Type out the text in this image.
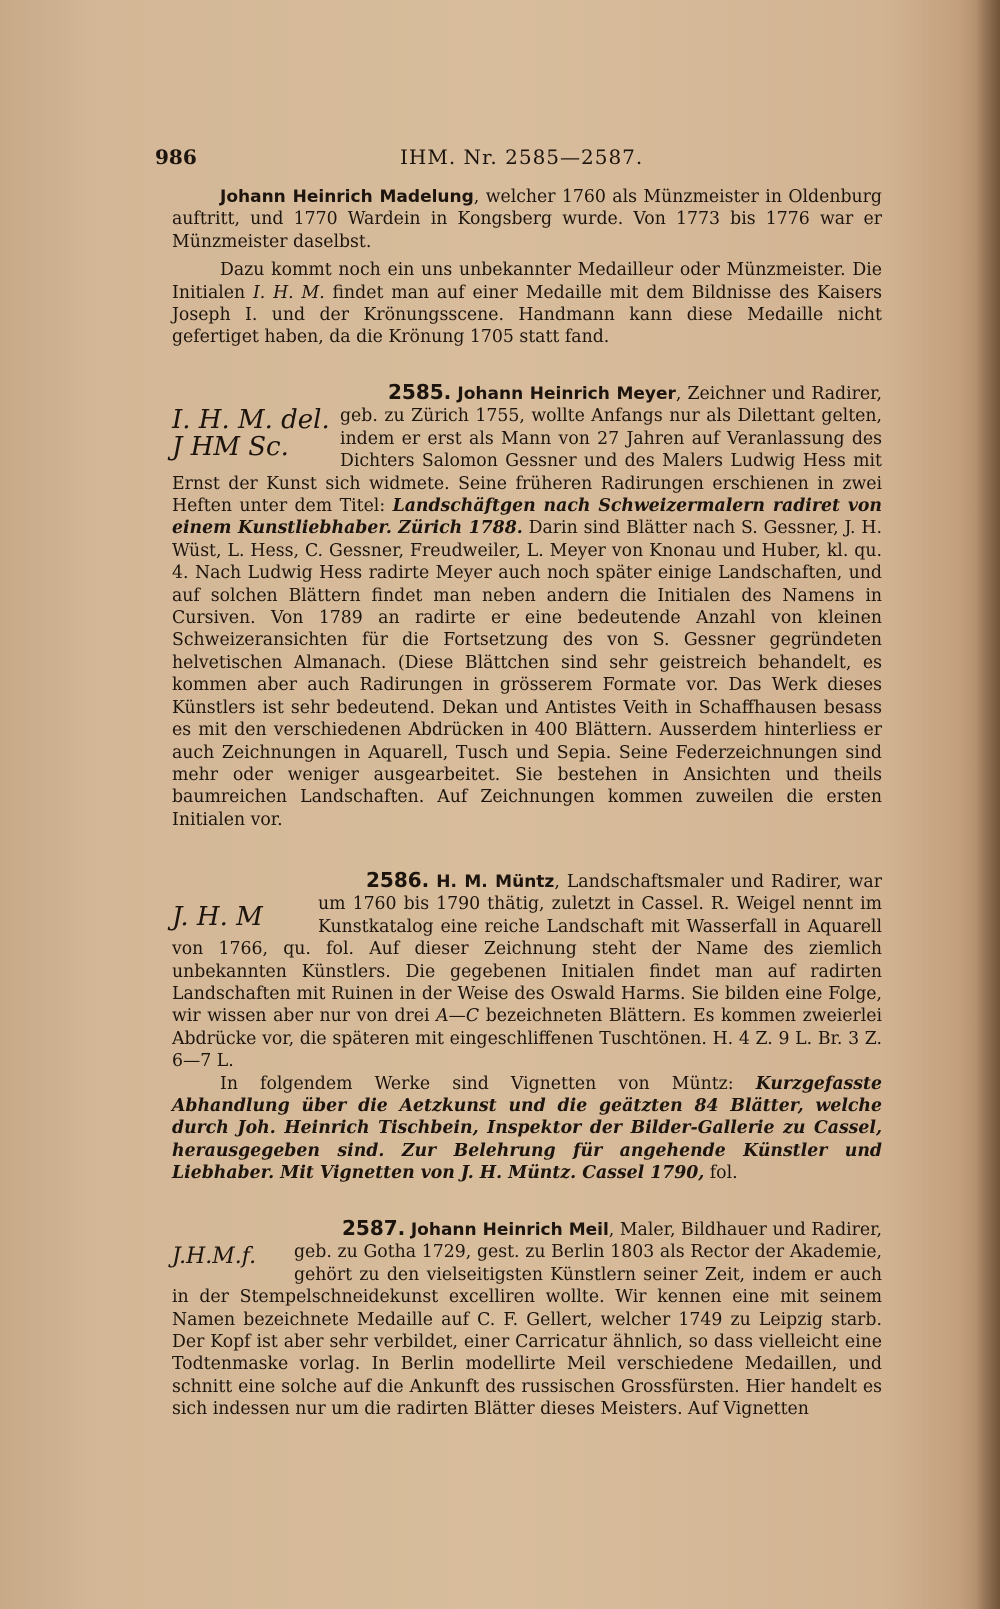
986	IHM. Nr. 2585—2587.

Johann Heinrich Madelung, welcher 1760 als Münzmeister in Oldenburg auftritt, und 1770 Wardein in Kongsberg wurde. Von 1773 bis 1776 war er Münzmeister daselbst.

Dazu kommt noch ein uns unbekannter Medailleur oder Münzmeister. Die Initialen I. H. M. findet man auf einer Medaille mit dem Bildnisse des Kaisers Joseph I. und der Krönungsscene. Handmann kann diese Medaille nicht gefertiget haben, da die Krönung 1705 statt fand.

2585. Johann Heinrich Meyer, Zeichner und Radirer, geb. zu Zürich 1755, wollte Anfangs nur als Dilettant gelten, indem er erst als Mann von 27 Jahren auf Veranlassung des Dichters Salomon Gessner und des Malers Ludwig Hess mit Ernst der Kunst sich widmete. Seine früheren Radirungen erschienen in zwei Heften unter dem Titel: Landschäftgen nach Schweizermalern radiret von einem Kunstliebhaber. Zürich 1788. Darin sind Blätter nach S. Gessner, J. H. Wüst, L. Hess, C. Gessner, Freudweiler, L. Meyer von Knonau und Huber, kl. qu. 4. Nach Ludwig Hess radirte Meyer auch noch später einige Landschaften, und auf solchen Blättern findet man neben andern die Initialen des Namens in Cursiven. Von 1789 an radirte er eine bedeutende Anzahl von kleinen Schweizeransichten für die Fortsetzung des von S. Gessner gegründeten helvetischen Almanach. (Diese Blättchen sind sehr geistreich behandelt, es kommen aber auch Radirungen in grösserem Formate vor. Das Werk dieses Künstlers ist sehr bedeutend. Dekan und Antistes Veith in Schaffhausen besass es mit den verschiedenen Abdrücken in 400 Blättern. Ausserdem hinterliess er auch Zeichnungen in Aquarell, Tusch und Sepia. Seine Federzeichnungen sind mehr oder weniger ausgearbeitet. Sie bestehen in Ansichten und theils baumreichen Landschaften. Auf Zeichnungen kommen zuweilen die ersten Initialen vor.

I. H. M. del.
J HM Sc.

2586. H. M. Müntz, Landschaftsmaler und Radirer, war um 1760 bis 1790 thätig, zuletzt in Cassel. R. Weigel nennt im Kunstkatalog eine reiche Landschaft mit Wasserfall in Aquarell von 1766, qu. fol. Auf dieser Zeichnung steht der Name des ziemlich unbekannten Künstlers. Die gegebenen Initialen findet man auf radirten Landschaften mit Ruinen in der Weise des Oswald Harms. Sie bilden eine Folge, wir wissen aber nur von drei A—C bezeichneten Blättern. Es kommen zweierlei Abdrücke vor, die späteren mit eingeschliffenen Tuschtönen. H. 4 Z. 9 L. Br. 3 Z. 6—7 L.

In folgendem Werke sind Vignetten von Müntz: Kurzgefasste Abhandlung über die Aetzkunst und die geätzten 84 Blätter, welche durch Joh. Heinrich Tischbein, Inspektor der Bilder-Gallerie zu Cassel, herausgegeben sind. Zur Belehrung für angehende Künstler und Liebhaber. Mit Vignetten von J. H. Müntz. Cassel 1790, fol.

J. H. M

2587. Johann Heinrich Meil, Maler, Bildhauer und Radirer, geb. zu Gotha 1729, gest. zu Berlin 1803 als Rector der Akademie, gehört zu den vielseitigsten Künstlern seiner Zeit, indem er auch in der Stempelschneidekunst excelliren wollte. Wir kennen eine mit seinem Namen bezeichnete Medaille auf C. F. Gellert, welcher 1749 zu Leipzig starb. Der Kopf ist aber sehr verbildet, einer Carricatur ähnlich, so dass vielleicht eine Todtenmaske vorlag. In Berlin modellirte Meil verschiedene Medaillen, und schnitt eine solche auf die Ankunft des russischen Grossfürsten. Hier handelt es sich indessen nur um die radirten Blätter dieses Meisters. Auf Vignetten

J.H.M.f.
